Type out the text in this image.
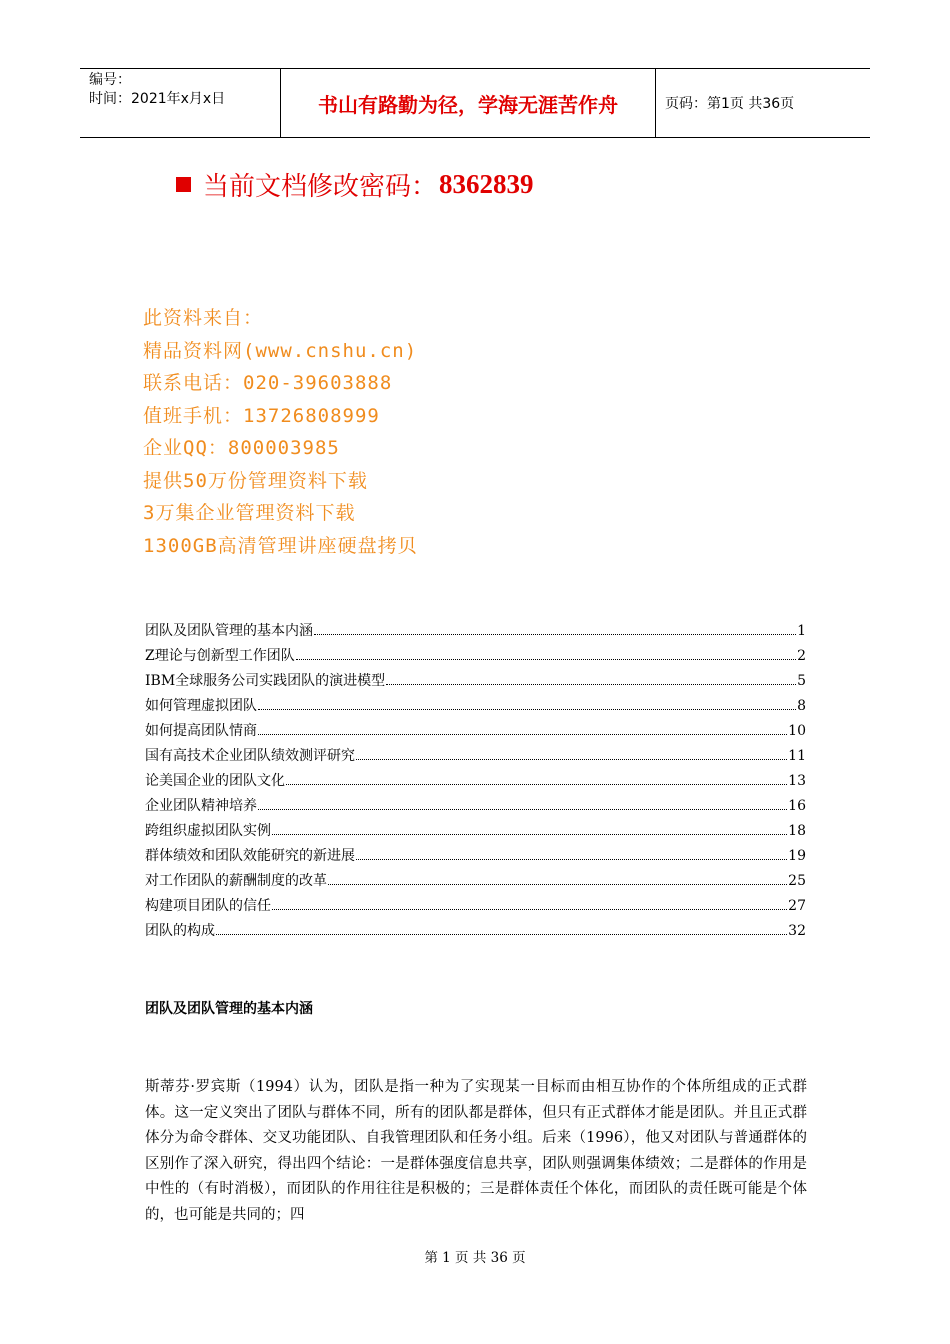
编号：
时间：2021年x月x日	书山有路勤为径，学海无涯苦作舟	页码：第1页 共36页
当前文档修改密码： 8362839
此资料来自：
精品资料网(www.cnshu.cn)
联系电话：020-39603888
值班手机：13726808999
企业QQ：800003985
提供50万份管理资料下载
3万集企业管理资料下载
1300GB高清管理讲座硬盘拷贝
团队及团队管理的基本内涵	1
Z理论与创新型工作团队	2
IBM全球服务公司实践团队的演进模型	5
如何管理虚拟团队	8
如何提高团队情商	10
国有高技术企业团队绩效测评研究	11
论美国企业的团队文化	13
企业团队精神培养	16
跨组织虚拟团队实例	18
群体绩效和团队效能研究的新进展	19
对工作团队的薪酬制度的改革	25
构建项目团队的信任	27
团队的构成	32
团队及团队管理的基本内涵
斯蒂芬·罗宾斯（1994）认为，团队是指一种为了实现某一目标而由相互协作的个体所组成的正式群体。这一定义突出了团队与群体不同，所有的团队都是群体，但只有正式群体才能是团队。并且正式群体分为命令群体、交叉功能团队、自我管理团队和任务小组。后来（1996），他又对团队与普通群体的区别作了深入研究，得出四个结论：一是群体强度信息共享，团队则强调集体绩效；二是群体的作用是中性的（有时消极），而团队的作用往往是积极的；三是群体责任个体化，而团队的责任既可能是个体的，也可能是共同的；四
第 1 页 共 36 页
